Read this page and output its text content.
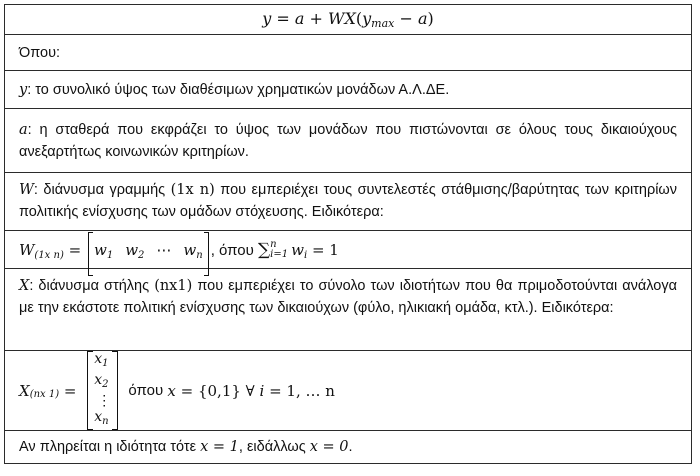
$y = a + WX(y_{max} - a)$
Όπου:
y: το συνολικό ύψος των διαθέσιμων χρηματικών μονάδων Α.Λ.ΔΕ.
a: η σταθερά που εκφράζει το ύψος των μονάδων που πιστώνονται σε όλους τους δικαιούχους ανεξαρτήτως κοινωνικών κριτηρίων.
W: διάνυσμα γραμμής (1x n) που εμπεριέχει τους συντελεστές στάθμισης/βαρύτητας των κριτηρίων πολιτικής ενίσχυσης των ομάδων στόχευσης. Ειδικότερα:
$W_{(1x n)} = w_1$ $w_2$ ⋯ $w_n$ , όπου ∑ n
i=1 $w_i = 1$
X: διάνυσμα στήλης (nx1) που εμπεριέχει το σύνολο των ιδιοτήτων που θα πριμοδοτούνται ανάλογα με την εκάστοτε πολιτική ενίσχυσης των δικαιούχων (φύλο, ηλικιακή ομάδα, κτλ.). Ειδικότερα:
X (nx 1) =
$x_1$
$x_2$
⋮
$x_n$
όπου x = {0,1} ∀ i = 1, … n
Αν πληρείται η ιδιότητα τότε x = 1, ειδάλλως x = 0.
